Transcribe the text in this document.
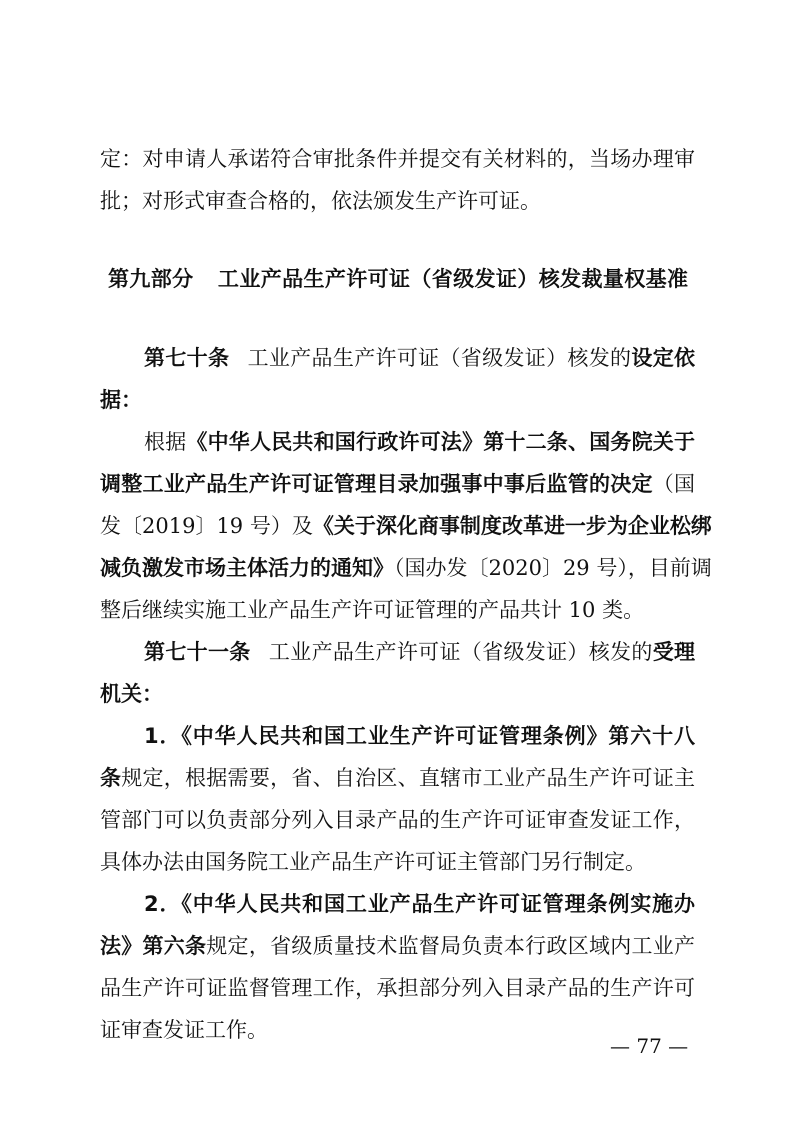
定：对申请人承诺符合审批条件并提交有关材料的，当场办理审
批；对形式审查合格的，依法颁发生产许可证。
第九部分 工业产品生产许可证（省级发证）核发裁量权基准
第七十条 工业产品生产许可证（省级发证）核发的设定依
据：
根据《中华人民共和国行政许可法》第十二条、国务院关于
调整工业产品生产许可证管理目录加强事中事后监管的决定（国
发〔2019〕19 号）及《关于深化商事制度改革进一步为企业松绑
减负激发市场主体活力的通知》（国办发〔2020〕29 号），目前调
整后继续实施工业产品生产许可证管理的产品共计 10 类。
第七十一条 工业产品生产许可证（省级发证）核发的受理
机关：
1．《中华人民共和国工业生产许可证管理条例》第六十八
条规定，根据需要，省、自治区、直辖市工业产品生产许可证主
管部门可以负责部分列入目录产品的生产许可证审查发证工作，
具体办法由国务院工业产品生产许可证主管部门另行制定。
2．《中华人民共和国工业产品生产许可证管理条例实施办
法》第六条规定，省级质量技术监督局负责本行政区域内工业产
品生产许可证监督管理工作，承担部分列入目录产品的生产许可
证审查发证工作。
— 77 —
